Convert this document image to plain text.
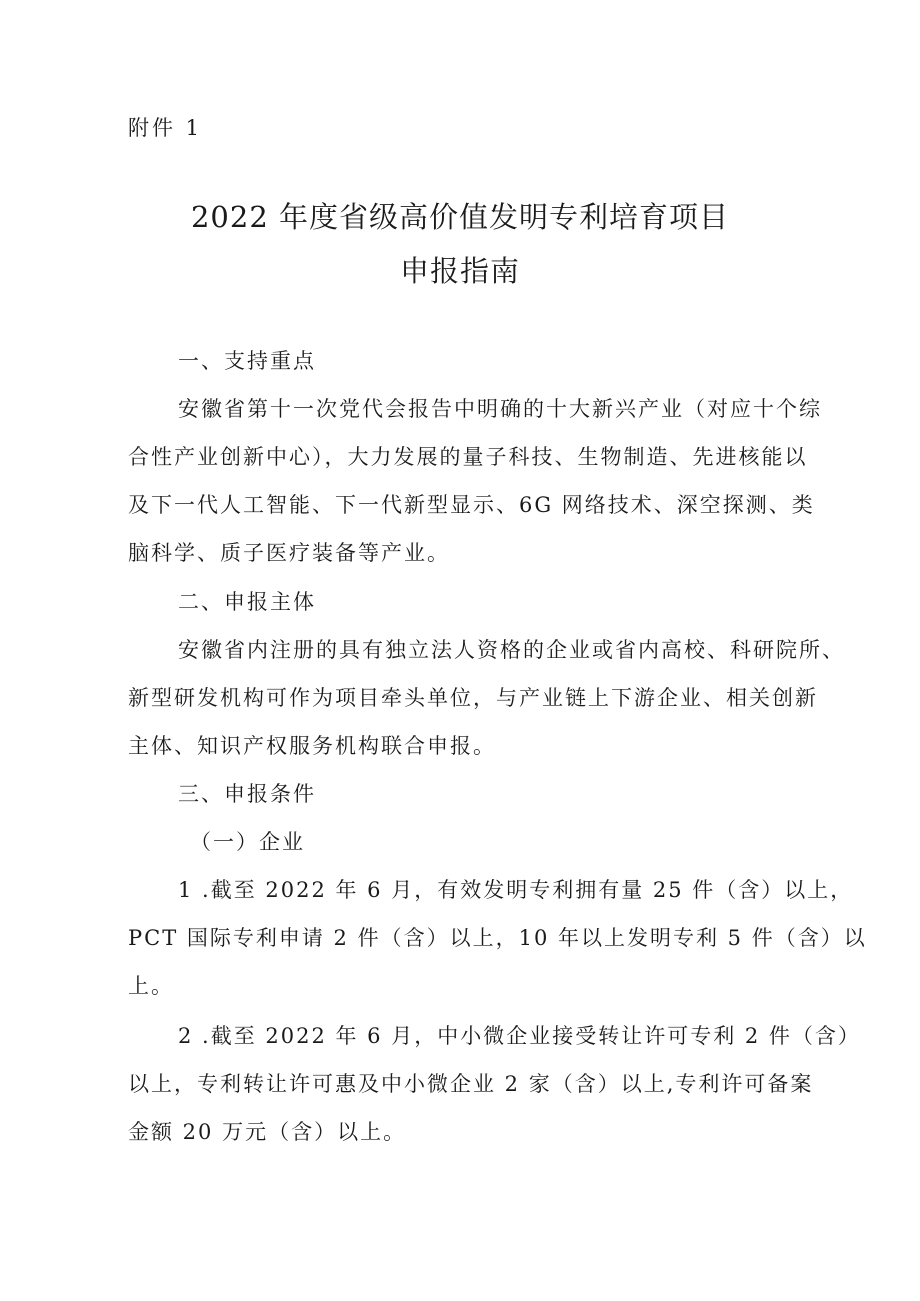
附件 1
2022 年度省级高价值发明专利培育项目
申报指南
一、支持重点
安徽省第十一次党代会报告中明确的十大新兴产业（对应十个综
合性产业创新中心），大力发展的量子科技、生物制造、先进核能以
及下一代人工智能、下一代新型显示、6G 网络技术、深空探测、类
脑科学、质子医疗装备等产业。
二、申报主体
安徽省内注册的具有独立法人资格的企业或省内高校、科研院所、
新型研发机构可作为项目牵头单位，与产业链上下游企业、相关创新
主体、知识产权服务机构联合申报。
三、申报条件
（一）企业
1 .截至 2022 年 6 月，有效发明专利拥有量 25 件（含）以上，
PCT 国际专利申请 2 件（含）以上，10 年以上发明专利 5 件（含）以
上。
2 .截至 2022 年 6 月，中小微企业接受转让许可专利 2 件（含）
以上，专利转让许可惠及中小微企业 2 家（含）以上,专利许可备案
金额 20 万元（含）以上。
